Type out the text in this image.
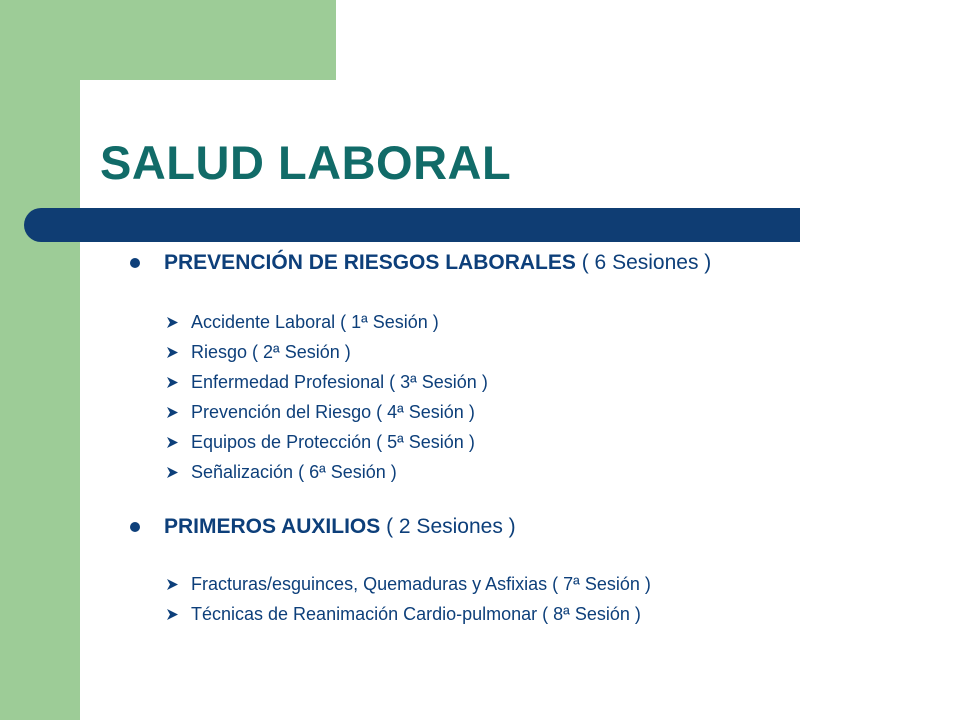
SALUD LABORAL
PREVENCIÓN DE RIESGOS LABORALES
( 6 Sesiones )
Accidente Laboral ( 1ª Sesión )
Riesgo ( 2ª Sesión )
Enfermedad Profesional ( 3ª Sesión )
Prevención del Riesgo ( 4ª Sesión )
Equipos de Protección ( 5ª Sesión )
Señalización ( 6ª Sesión )
PRIMEROS AUXILIOS
( 2 Sesiones )
Fracturas/esguinces, Quemaduras y Asfixias ( 7ª Sesión )
Técnicas de Reanimación Cardio-pulmonar ( 8ª Sesión )
